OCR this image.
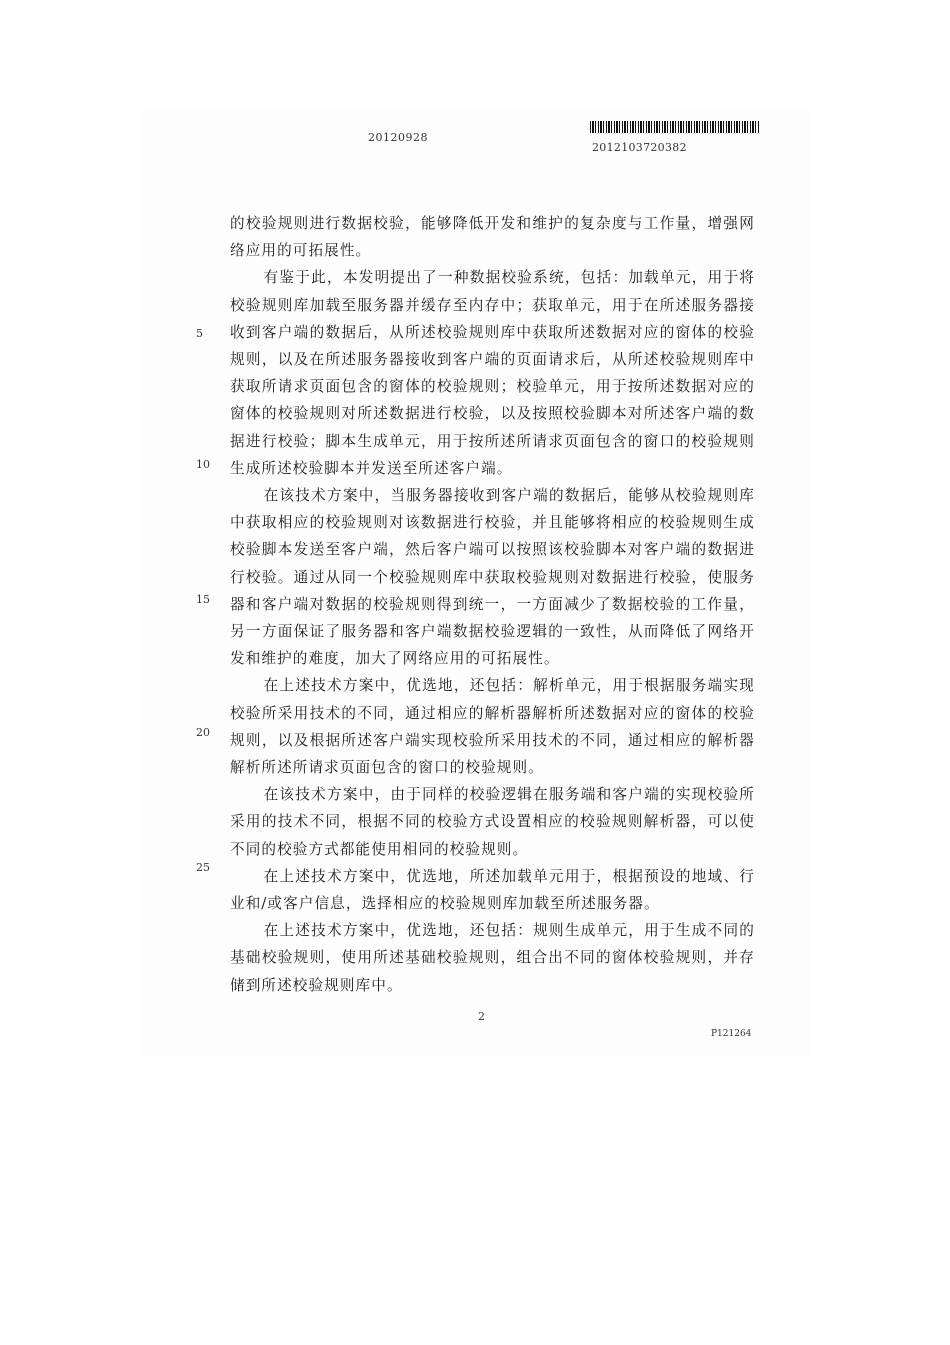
20120928
2012103720382

的校验规则进行数据校验，能够降低开发和维护的复杂度与工作量，增强网络应用的可拓展性。

有鉴于此，本发明提出了一种数据校验系统，包括：加载单元，用于将校验规则库加载至服务器并缓存至内存中；获取单元，用于在所述服务器接收到客户端的数据后，从所述校验规则库中获取所述数据对应的窗体的校验规则，以及在所述服务器接收到客户端的页面请求后，从所述校验规则库中获取所请求页面包含的窗体的校验规则；校验单元，用于按所述数据对应的窗体的校验规则对所述数据进行校验，以及按照校验脚本对所述客户端的数据进行校验；脚本生成单元，用于按所述所请求页面包含的窗口的校验规则生成所述校验脚本并发送至所述客户端。

在该技术方案中，当服务器接收到客户端的数据后，能够从校验规则库中获取相应的校验规则对该数据进行校验，并且能够将相应的校验规则生成校验脚本发送至客户端，然后客户端可以按照该校验脚本对客户端的数据进行校验。通过从同一个校验规则库中获取校验规则对数据进行校验，使服务器和客户端对数据的校验规则得到统一，一方面减少了数据校验的工作量，另一方面保证了服务器和客户端数据校验逻辑的一致性，从而降低了网络开发和维护的难度，加大了网络应用的可拓展性。

在上述技术方案中，优选地，还包括：解析单元，用于根据服务端实现校验所采用技术的不同，通过相应的解析器解析所述数据对应的窗体的校验规则，以及根据所述客户端实现校验所采用技术的不同，通过相应的解析器解析所述所请求页面包含的窗口的校验规则。

在该技术方案中，由于同样的校验逻辑在服务端和客户端的实现校验所采用的技术不同，根据不同的校验方式设置相应的校验规则解析器，可以使不同的校验方式都能使用相同的校验规则。

在上述技术方案中，优选地，所述加载单元用于，根据预设的地域、行业和/或客户信息，选择相应的校验规则库加载至所述服务器。

在上述技术方案中，优选地，还包括：规则生成单元，用于生成不同的基础校验规则，使用所述基础校验规则，组合出不同的窗体校验规则，并存储到所述校验规则库中。

5
10
15
20
25
2
P121264
